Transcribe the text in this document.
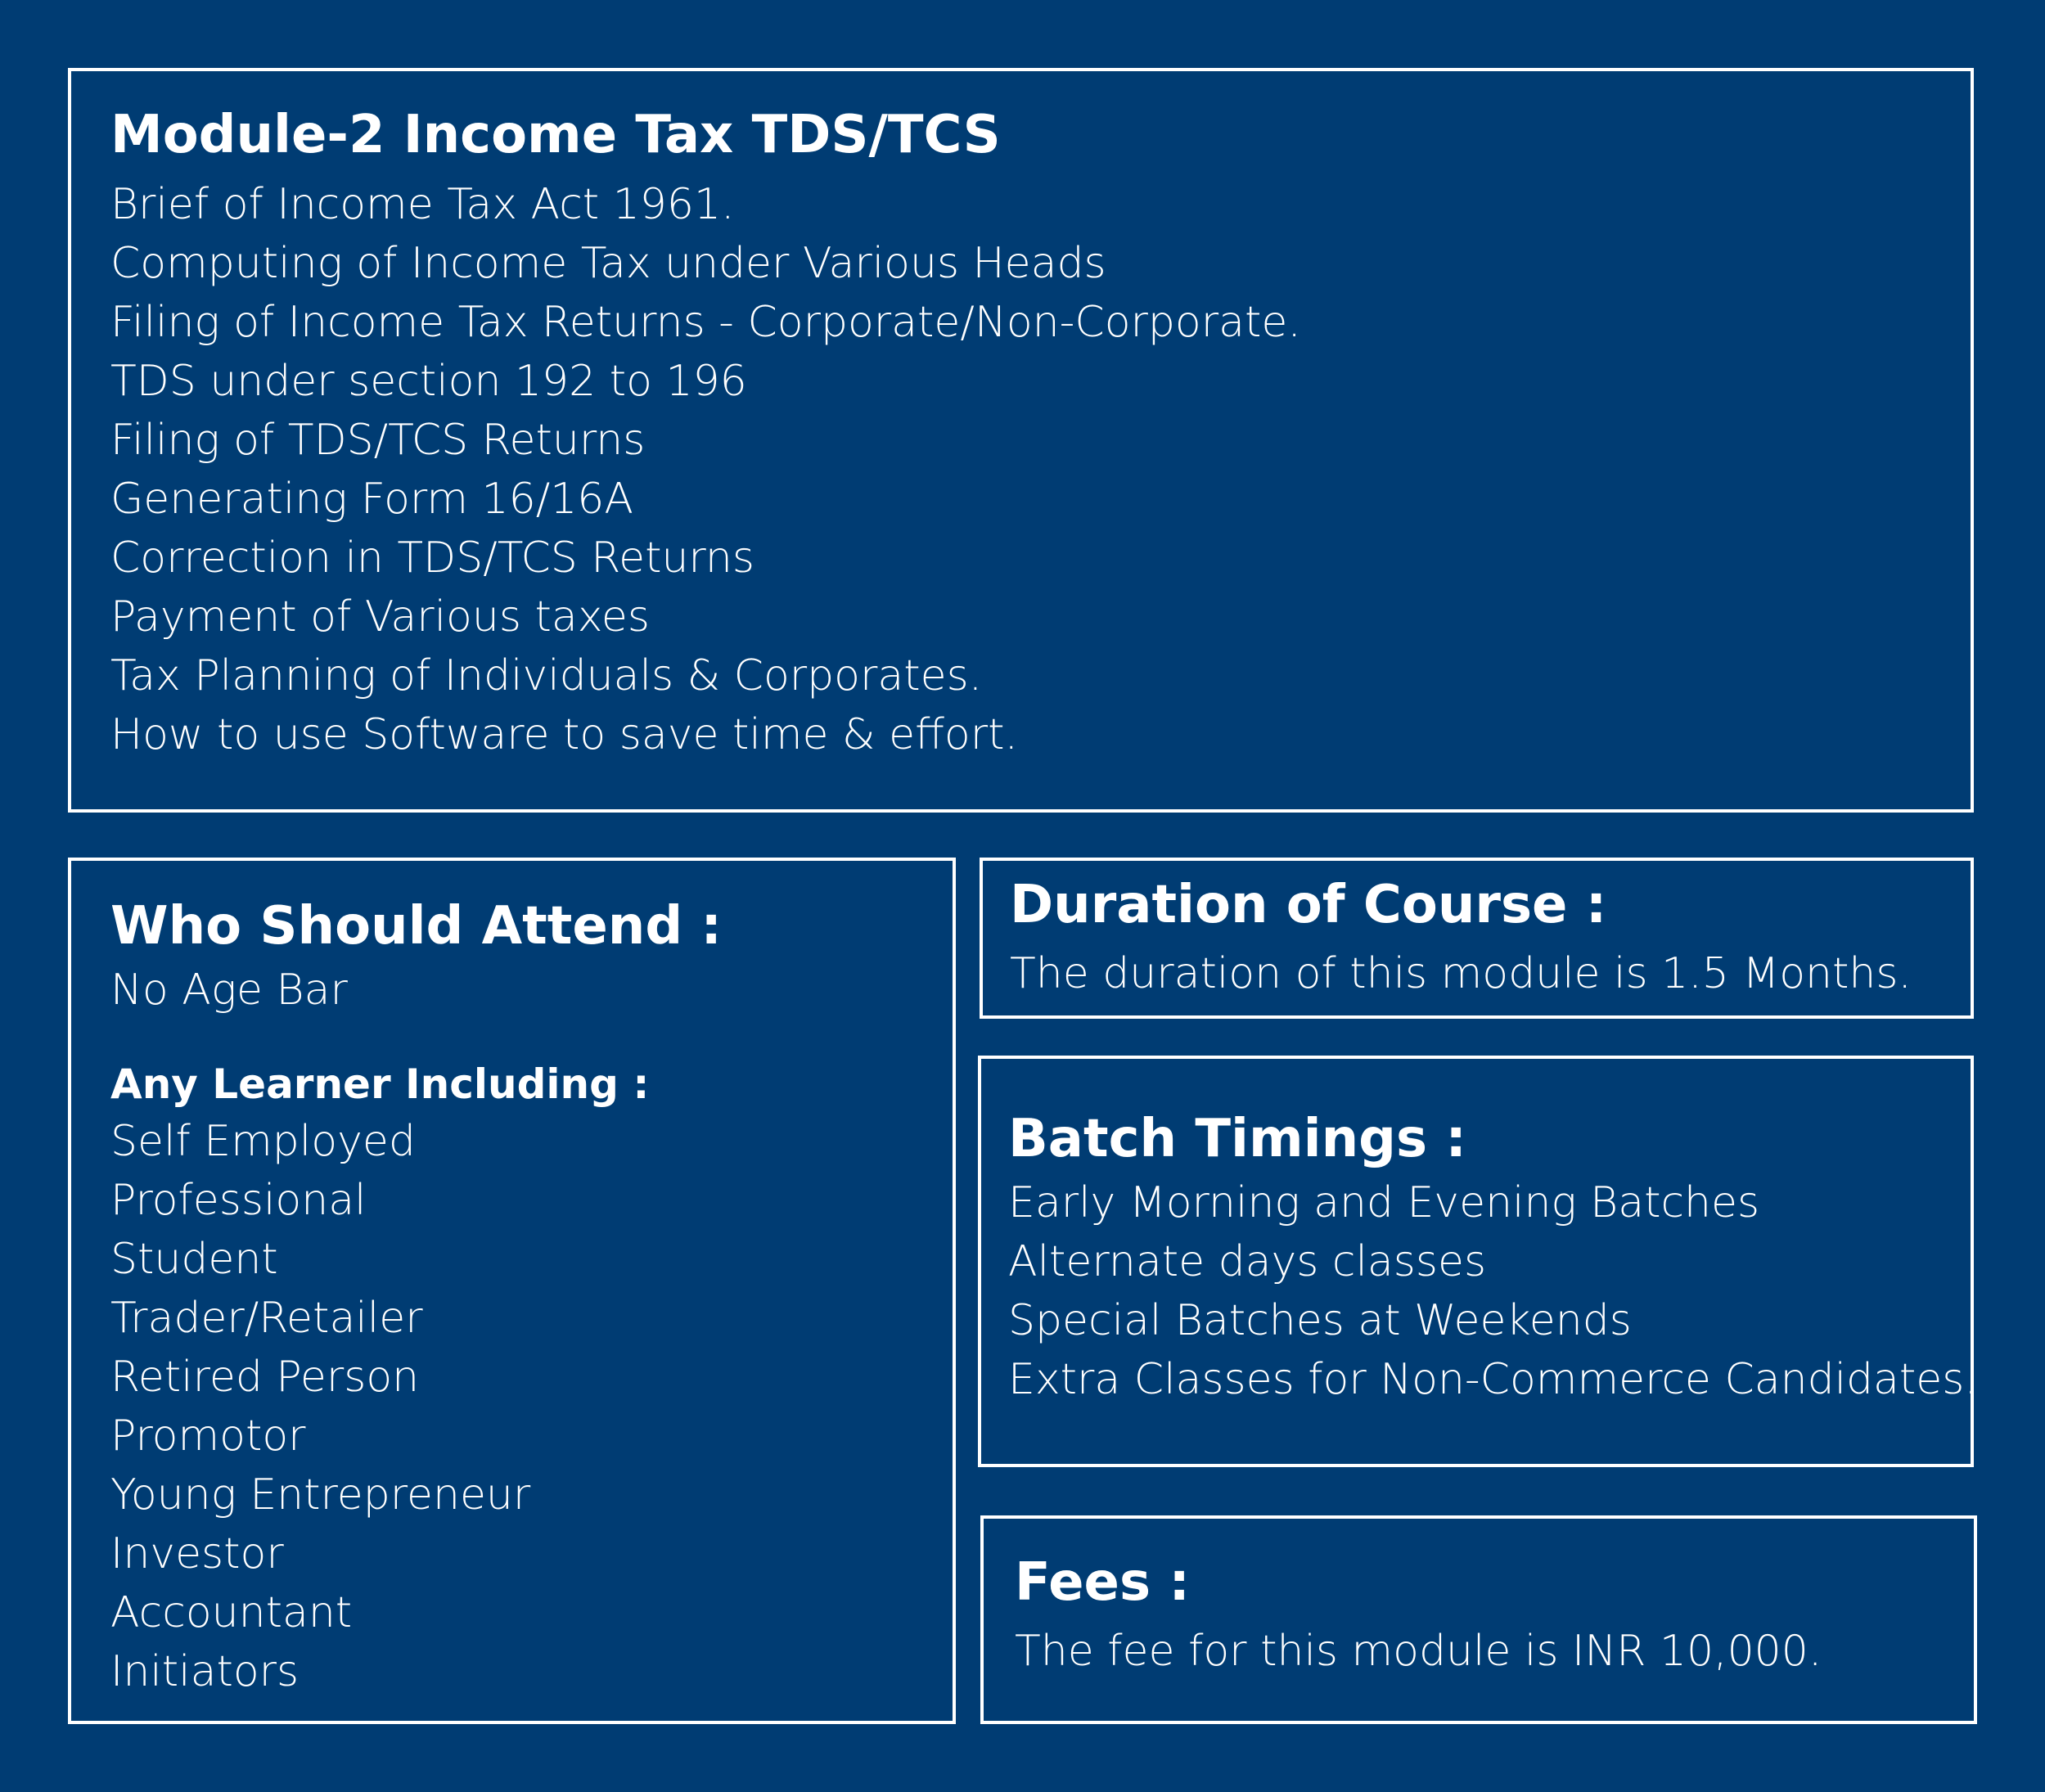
Module-2 Income Tax TDS/TCS
Brief of Income Tax Act 1961.
Computing of Income Tax under Various Heads
Filing of Income Tax Returns - Corporate/Non-Corporate.
TDS under section 192 to 196
Filing of TDS/TCS Returns
Generating Form 16/16A
Correction in TDS/TCS Returns
Payment of Various taxes
Tax Planning of Individuals & Corporates.
How to use Software to save time & effort.
Who Should Attend :
No Age Bar
Any Learner Including :
Self Employed
Professional
Student
Trader/Retailer
Retired Person
Promotor
Young Entrepreneur
Investor
Accountant
Initiators
Duration of Course :
The duration of this module is 1.5 Months.
Batch Timings :
Early Morning and Evening Batches
Alternate days classes
Special Batches at Weekends
Extra Classes for Non-Commerce Candidates.
Fees :
The fee for this module is INR 10,000.
